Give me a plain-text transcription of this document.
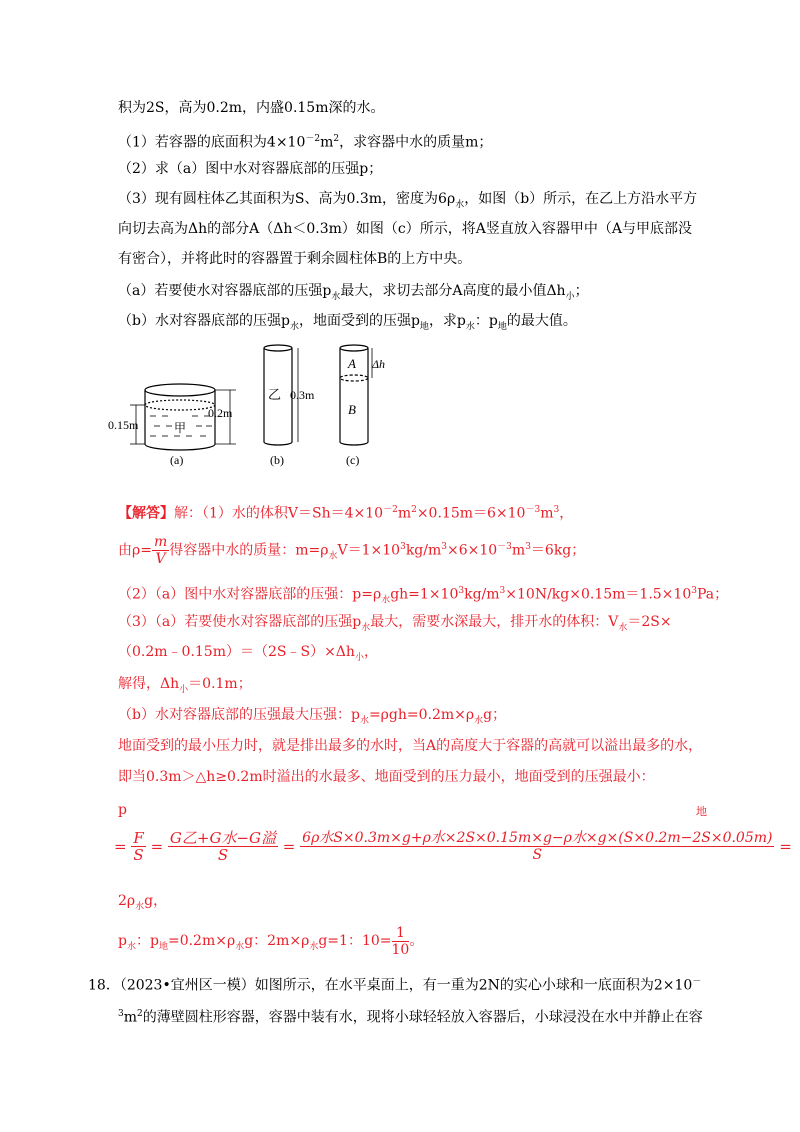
积为2S，高为0.2m，内盛0.15m深的水。
（1）若容器的底面积为$4\times 10^{-2}m^2$，求容器中水的质量m；
（2）求（a）图中水对容器底部的压强p；
（3）现有圆柱体乙其面积为S、高为0.3m，密度为$6\rho_水$，如图（b）所示，在乙上方沿水平方
向切去高为Δh的部分A（Δh＜0.3m）如图（c）所示，将A竖直放入容器甲中（A与甲底部没
有密合），并将此时的容器置于剩余圆柱体B的上方中央。
（a）若要使水对容器底部的压强$p_水$最大，求切去部分A高度的最小值$\Delta h_小$；
（b）水对容器底部的压强$p_水$，地面受到的压强$p_地$，求$p_水$：$p_地$的最大值。
0.15m
0.2m
甲
(a)
乙 0.3m
(b)
A
B
Δh
(c)
【解答】解：（1）水的体积$V=Sh=4\times 10^{-2}m^2\times 0.15m=6\times 10^{-3}m^3$，
由$\rho= \frac{m}{V}$ 得容器中水的质量：$m=\rho_水V=1\times 10^3kg/m^3\times 6\times 10^{-3}m^3=6kg$；
（2）（a）图中水对容器底部的压强：$p=\rho_水gh=1\times 10^3kg/m^3\times 10N/kg\times 0.15m=1.5\times 10^3Pa$；
（3）（a）若要使水对容器底部的压强$p_水$最大，需要水深最大，排开水的体积：$V_水=2S\times$
$(0.2m﹣0.15m)=(2S﹣S)\times\Delta h_小$，
解得，$\Delta h_小=0.1m$；
（b）水对容器底部的压强最大压强：$p_水=\rho gh=0.2m\times\rho_水g$；
地面受到的最小压力时，就是排出最多的水时，当A的高度大于容器的高就可以溢出最多的水，
即当0.3m＞△h≥0.2m时溢出的水最多、地面受到的压力最小，地面受到的压强最小：
p	地
= $\frac{F}{S} = \frac{\text{G乙+G水−G溢}}{S} = \frac{\text{6ρ水S×0.3m×g+ρ水×2S×0.15m×g−ρ水×g×(S×0.2m−2S×0.05m)}}{S}$ =
$2\rho_水g$，
$p_水$：$p_地=0.2m\times\rho_水g$：$2m\times\rho_水g=1$：$10= \frac{1}{10}$ 。
18．（2023•宜州区一模）如图所示，在水平桌面上，有一重为2N的实心小球和一底面积为2×10－
$^3m^2$的薄壁圆柱形容器，容器中装有水，现将小球轻轻放入容器后，小球浸没在水中并静止在容
